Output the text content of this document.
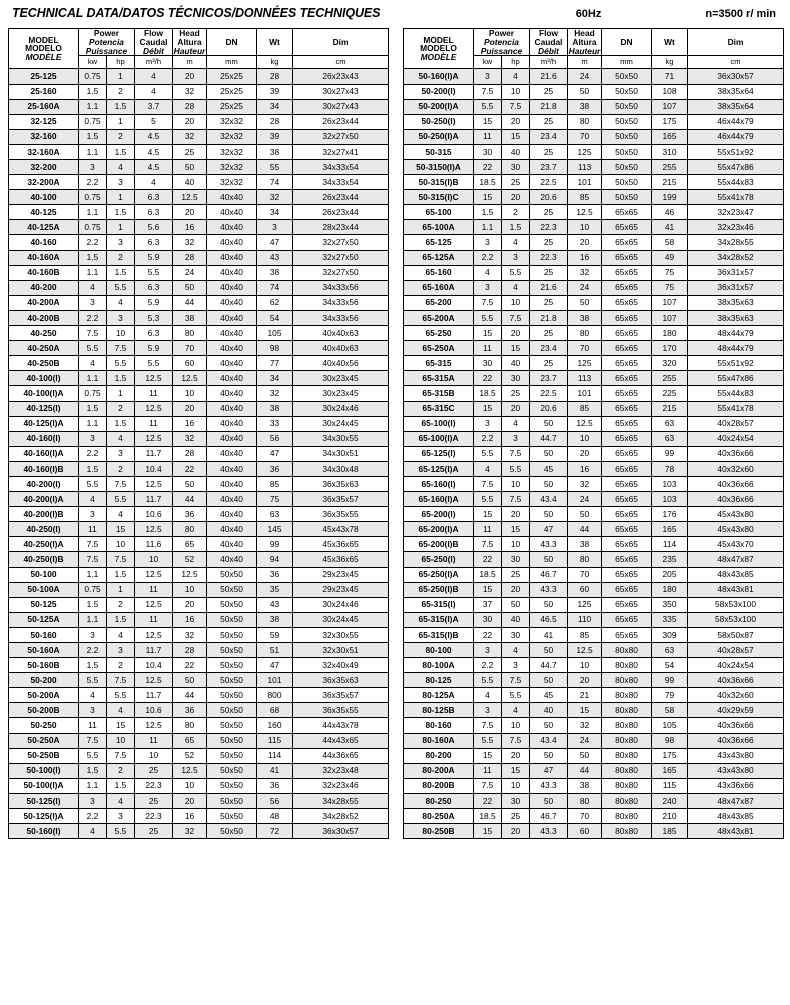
TECHNICAL DATA/DATOS TÉCNICOS/DONNÉES TECHNIQUES	60Hz	n=3500 r/ min
MODEL
MODELO
MODÈLE	Power
Potencia
Puissance		Flow
Caudal
Débit	Head
Altura
Hauteur	DN	Wt	Dim
	kw	hp	m³/h	m	mm	kg	cm
25-125	0.75	1	4	20	25x25	28	26x23x43
25-160	1.5	2	4	32	25x25	39	30x27x43
25-160A	1.1	1.5	3.7	28	25x25	34	30x27x43
32-125	0.75	1	5	20	32x32	28	26x23x44
32-160	1.5	2	4.5	32	32x32	39	32x27x50
32-160A	1.1	1.5	4.5	25	32x32	38	32x27x41
32-200	3	4	4.5	50	32x32	55	34x33x54
32-200A	2.2	3	4	40	32x32	74	34x33x54
40-100	0.75	1	6.3	12.5	40x40	32	26x23x44
40-125	1.1	1.5	6.3	20	40x40	34	26x23x44
40-125A	0.75	1	5.6	16	40x40	3	28x23x44
40-160	2.2	3	6.3	32	40x40	47	32x27x50
40-160A	1.5	2	5.9	28	40x40	43	32x27x50
40-160B	1.1	1.5	5.5	24	40x40	38	32x27x50
40-200	4	5.5	6.3	50	40x40	74	34x33x56
40-200A	3	4	5.9	44	40x40	62	34x33x56
40-200B	2.2	3	5.3	38	40x40	54	34x33x56
40-250	7.5	10	6.3	80	40x40	105	40x40x63
40-250A	5.5	7.5	5.9	70	40x40	98	40x40x63
40-250B	4	5.5	5.5	60	40x40	77	40x40x56
40-100(I)	1.1	1.5	12.5	12.5	40x40	34	30x23x45
40-100(I)A	0.75	1	11	10	40x40	32	30x23x45
40-125(I)	1.5	2	12.5	20	40x40	38	30x24x46
40-125(I)A	1.1	1.5	11	16	40x40	33	30x24x45
40-160(I)	3	4	12.5	32	40x40	56	34x30x55
40-160(I)A	2.2	3	11.7	28	40x40	47	34x30x51
40-160(I)B	1.5	2	10.4	22	40x40	36	34x30x48
40-200(I)	5.5	7.5	12.5	50	40x40	85	36x35x63
40-200(I)A	4	5.5	11.7	44	40x40	75	36x35x57
40-200(I)B	3	4	10.6	36	40x40	63	36x35x55
40-250(I)	11	15	12.5	80	40x40	145	45x43x78
40-250(I)A	7.5	10	11.6	65	40x40	99	45x36x65
40-250(I)B	7.5	7.5	10	52	40x40	94	45x36x65
50-100	1.1	1.5	12.5	12.5	50x50	36	29x23x45
50-100A	0.75	1	11	10	50x50	35	29x23x45
50-125	1.5	2	12.5	20	50x50	43	30x24x46
50-125A	1.1	1.5	11	16	50x50	38	30x24x45
50-160	3	4	12.5	32	50x50	59	32x30x55
50-160A	2.2	3	11.7	28	50x50	51	32x30x51
50-160B	1.5	2	10.4	22	50x50	47	32x40x49
50-200	5.5	7.5	12.5	50	50x50	101	36x35x63
50-200A	4	5.5	11.7	44	50x50	800	36x35x57
50-200B	3	4	10.6	36	50x50	68	36x35x55
50-250	11	15	12.5	80	50x50	160	44x43x78
50-250A	7.5	10	11	65	50x50	115	44x43x65
50-250B	5.5	7.5	10	52	50x50	114	44x36x65
50-100(I)	1.5	2	25	12.5	50x50	41	32x23x48
50-100(I)A	1.1	1.5	22.3	10	50x50	36	32x23x46
50-125(I)	3	4	25	20	50x50	56	34x28x55
50-125(I)A	2.2	3	22.3	16	50x50	48	34x28x52
50-160(I)	4	5.5	25	32	50x50	72	36x30x57
MODEL
MODELO
MODÈLE	Power
Potencia
Puissance		Flow
Caudal
Débit	Head
Altura
Hauteur	DN	Wt	Dim
	kw	hp	m³/h	m	mm	kg	cm
50-160(I)A	3	4	21.6	24	50x50	71	36x30x57
50-200(I)	7.5	10	25	50	50x50	108	38x35x64
50-200(I)A	5.5	7.5	21.8	38	50x50	107	38x35x64
50-250(I)	15	20	25	80	50x50	175	46x44x79
50-250(I)A	11	15	23.4	70	50x50	165	46x44x79
50-315	30	40	25	125	50x50	310	55x51x92
50-3150(I)A	22	30	23.7	113	50x50	255	55x47x86
50-315(I)B	18.5	25	22.5	101	50x50	215	55x44x83
50-315(I)C	15	20	20.6	85	50x50	199	55x41x78
65-100	1.5	2	25	12.5	65x65	46	32x23x47
65-100A	1.1	1.5	22.3	10	65x65	41	32x23x46
65-125	3	4	25	20	65x65	58	34x28x55
65-125A	2.2	3	22.3	16	65x65	49	34x28x52
65-160	4	5.5	25	32	65x65	75	36x31x57
65-160A	3	4	21.6	24	65x65	75	36x31x57
65-200	7.5	10	25	50	65x65	107	38x35x63
65-200A	5.5	7.5	21.8	38	65x65	107	38x35x63
65-250	15	20	25	80	65x65	180	48x44x79
65-250A	11	15	23.4	70	65x65	170	48x44x79
65-315	30	40	25	125	65x65	320	55x51x92
65-315A	22	30	23.7	113	65x65	255	55x47x86
65-315B	18.5	25	22.5	101	65x65	225	55x44x83
65-315C	15	20	20.6	85	65x65	215	55x41x78
65-100(I)	3	4	50	12.5	65x65	63	40x28x57
65-100(I)A	2.2	3	44.7	10	65x65	63	40x24x54
65-125(I)	5.5	7.5	50	20	65x65	99	40x36x66
65-125(I)A	4	5.5	45	16	65x65	78	40x32x60
65-160(I)	7.5	10	50	32	65x65	103	40x36x66
65-160(I)A	5.5	7.5	43.4	24	65x65	103	40x36x66
65-200(I)	15	20	50	50	65x65	176	45x43x80
65-200(I)A	11	15	47	44	65x65	165	45x43x80
65-200(I)B	7.5	10	43.3	38	65x65	114	45x43x70
65-250(I)	22	30	50	80	65x65	235	48x47x87
65-250(I)A	18.5	25	46.7	70	65x65	205	48x43x85
65-250(I)B	15	20	43.3	60	65x65	180	48x43x81
65-315(I)	37	50	50	125	65x65	350	58x53x100
65-315(I)A	30	40	46.5	110	65x65	335	58x53x100
65-315(I)B	22	30	41	85	65x65	309	58x50x87
80-100	3	4	50	12.5	80x80	63	40x28x57
80-100A	2.2	3	44.7	10	80x80	54	40x24x54
80-125	5.5	7.5	50	20	80x80	99	40x36x66
80-125A	4	5.5	45	21	80x80	79	40x32x60
80-125B	3	4	40	15	80x80	58	40x29x59
80-160	7.5	10	50	32	80x80	105	40x36x66
80-160A	5.5	7.5	43.4	24	80x80	98	40x36x66
80-200	15	20	50	50	80x80	175	43x43x80
80-200A	11	15	47	44	80x80	165	43x43x80
80-200B	7.5	10	43.3	38	80x80	115	43x36x66
80-250	22	30	50	80	80x80	240	48x47x87
80-250A	18.5	25	46.7	70	80x80	210	48x43x85
80-250B	15	20	43.3	60	80x80	185	48x43x81
